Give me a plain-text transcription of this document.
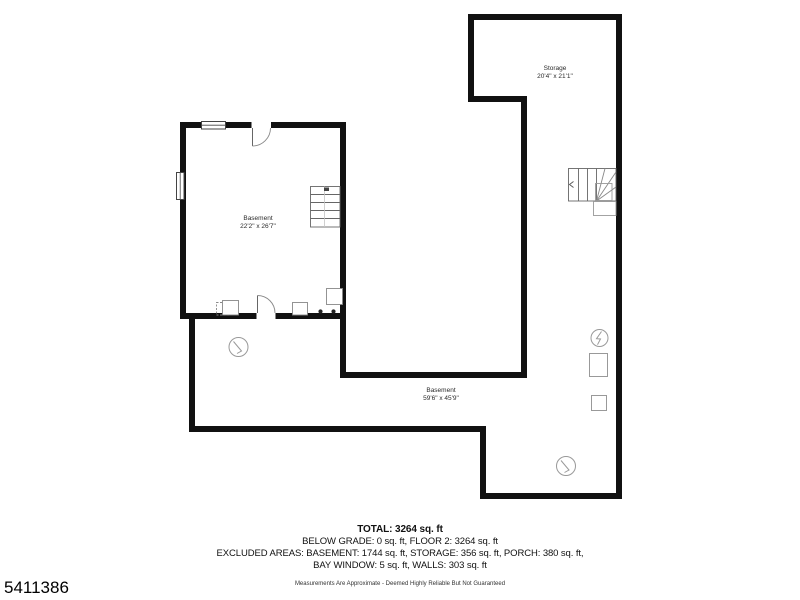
Storage
20'4" x 21'1"
Basement
22'2" x 26'7"
Basement
59'6" x 45'9"
TOTAL: 3264 sq. ft
BELOW GRADE: 0 sq. ft, FLOOR 2: 3264 sq. ft
EXCLUDED AREAS: BASEMENT: 1744 sq. ft, STORAGE: 356 sq. ft, PORCH: 380 sq. ft,
BAY WINDOW: 5 sq. ft, WALLS: 303 sq. ft
Measurements Are Approximate - Deemed Highly Reliable But Not Guaranteed
5411386
